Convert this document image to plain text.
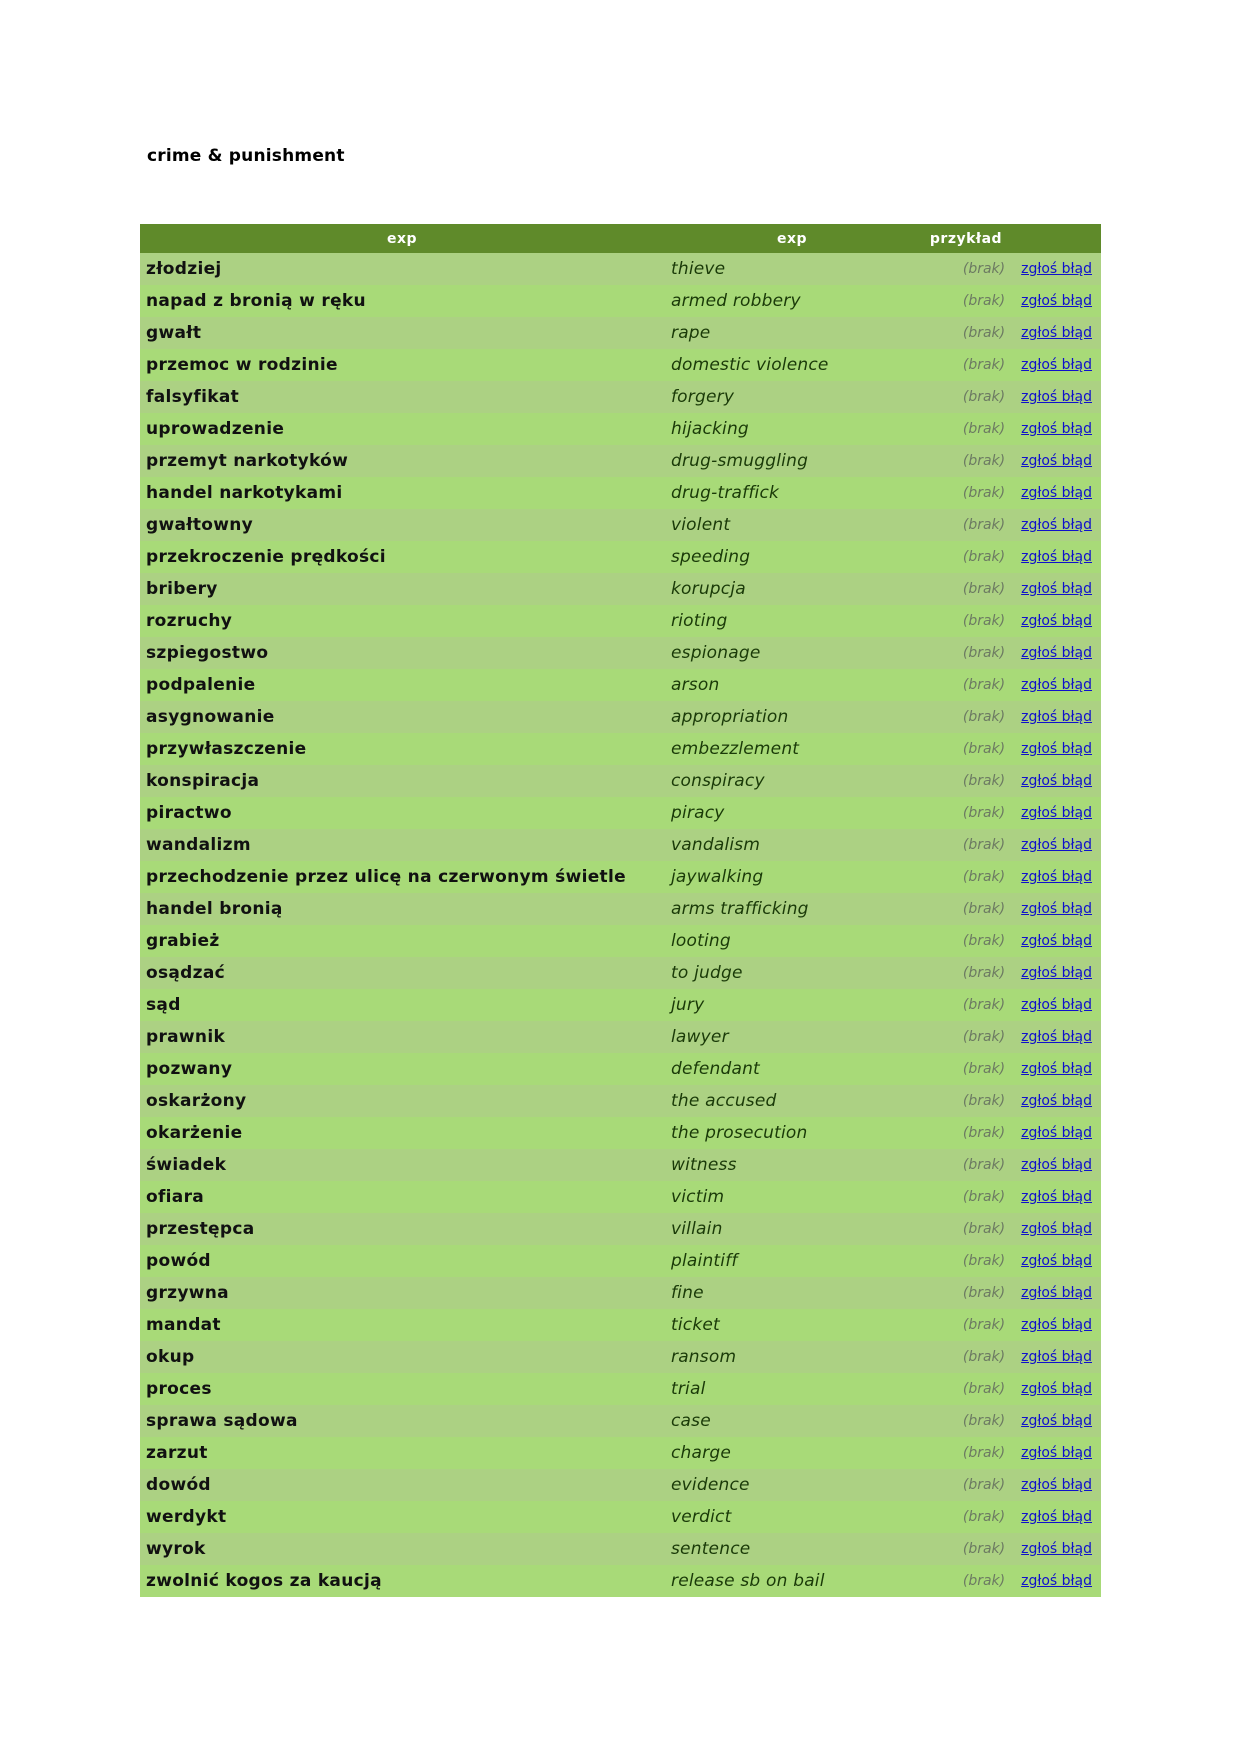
crime & punishment
exp	exp	przykład	
złodziej	thieve	(brak)	zgłoś błąd
napad z bronią w ręku	armed robbery	(brak)	zgłoś błąd
gwałt	rape	(brak)	zgłoś błąd
przemoc w rodzinie	domestic violence	(brak)	zgłoś błąd
falsyfikat	forgery	(brak)	zgłoś błąd
uprowadzenie	hijacking	(brak)	zgłoś błąd
przemyt narkotyków	drug-smuggling	(brak)	zgłoś błąd
handel narkotykami	drug-traffick	(brak)	zgłoś błąd
gwałtowny	violent	(brak)	zgłoś błąd
przekroczenie prędkości	speeding	(brak)	zgłoś błąd
bribery	korupcja	(brak)	zgłoś błąd
rozruchy	rioting	(brak)	zgłoś błąd
szpiegostwo	espionage	(brak)	zgłoś błąd
podpalenie	arson	(brak)	zgłoś błąd
asygnowanie	appropriation	(brak)	zgłoś błąd
przywłaszczenie	embezzlement	(brak)	zgłoś błąd
konspiracja	conspiracy	(brak)	zgłoś błąd
piractwo	piracy	(brak)	zgłoś błąd
wandalizm	vandalism	(brak)	zgłoś błąd
przechodzenie przez ulicę na czerwonym świetle	jaywalking	(brak)	zgłoś błąd
handel bronią	arms trafficking	(brak)	zgłoś błąd
grabież	looting	(brak)	zgłoś błąd
osądzać	to judge	(brak)	zgłoś błąd
sąd	jury	(brak)	zgłoś błąd
prawnik	lawyer	(brak)	zgłoś błąd
pozwany	defendant	(brak)	zgłoś błąd
oskarżony	the accused	(brak)	zgłoś błąd
okarżenie	the prosecution	(brak)	zgłoś błąd
świadek	witness	(brak)	zgłoś błąd
ofiara	victim	(brak)	zgłoś błąd
przestępca	villain	(brak)	zgłoś błąd
powód	plaintiff	(brak)	zgłoś błąd
grzywna	fine	(brak)	zgłoś błąd
mandat	ticket	(brak)	zgłoś błąd
okup	ransom	(brak)	zgłoś błąd
proces	trial	(brak)	zgłoś błąd
sprawa sądowa	case	(brak)	zgłoś błąd
zarzut	charge	(brak)	zgłoś błąd
dowód	evidence	(brak)	zgłoś błąd
werdykt	verdict	(brak)	zgłoś błąd
wyrok	sentence	(brak)	zgłoś błąd
zwolnić kogos za kaucją	release sb on bail	(brak)	zgłoś błąd
